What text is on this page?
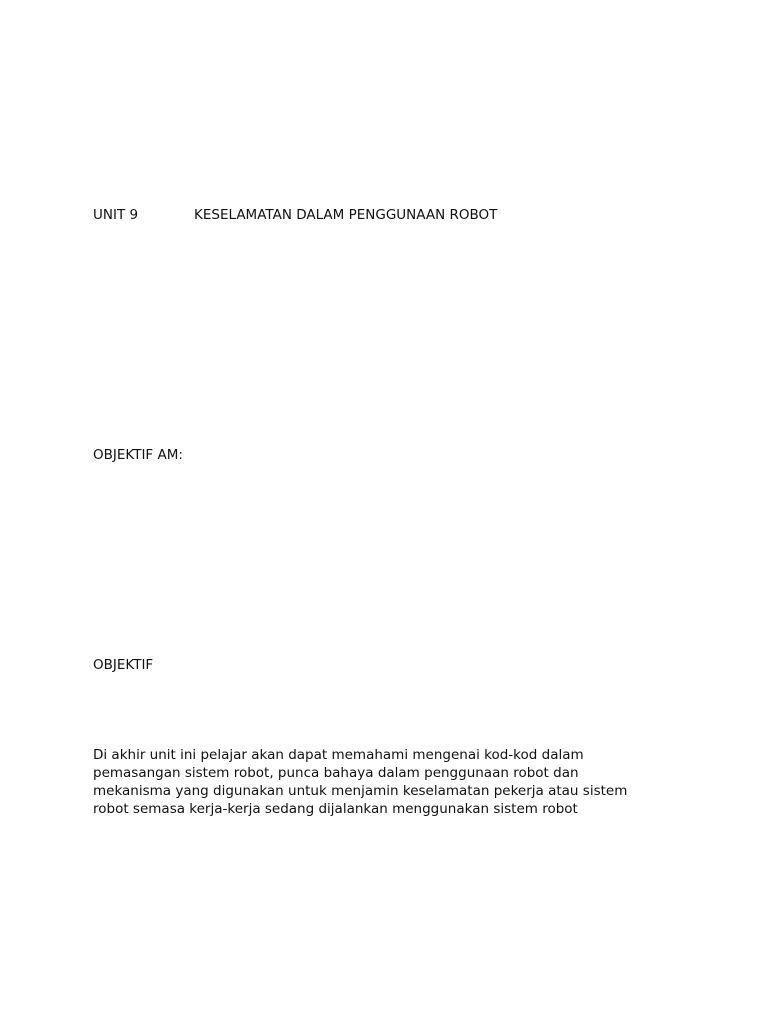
UNIT 9	KESELAMATAN DALAM PENGGUNAAN ROBOT
OBJEKTIF AM:
OBJEKTIF
Di akhir unit ini pelajar akan dapat memahami mengenai kod-kod dalam
pemasangan sistem robot, punca bahaya dalam penggunaan robot dan
mekanisma yang digunakan untuk menjamin keselamatan pekerja atau sistem
robot semasa kerja-kerja sedang dijalankan menggunakan sistem robot
